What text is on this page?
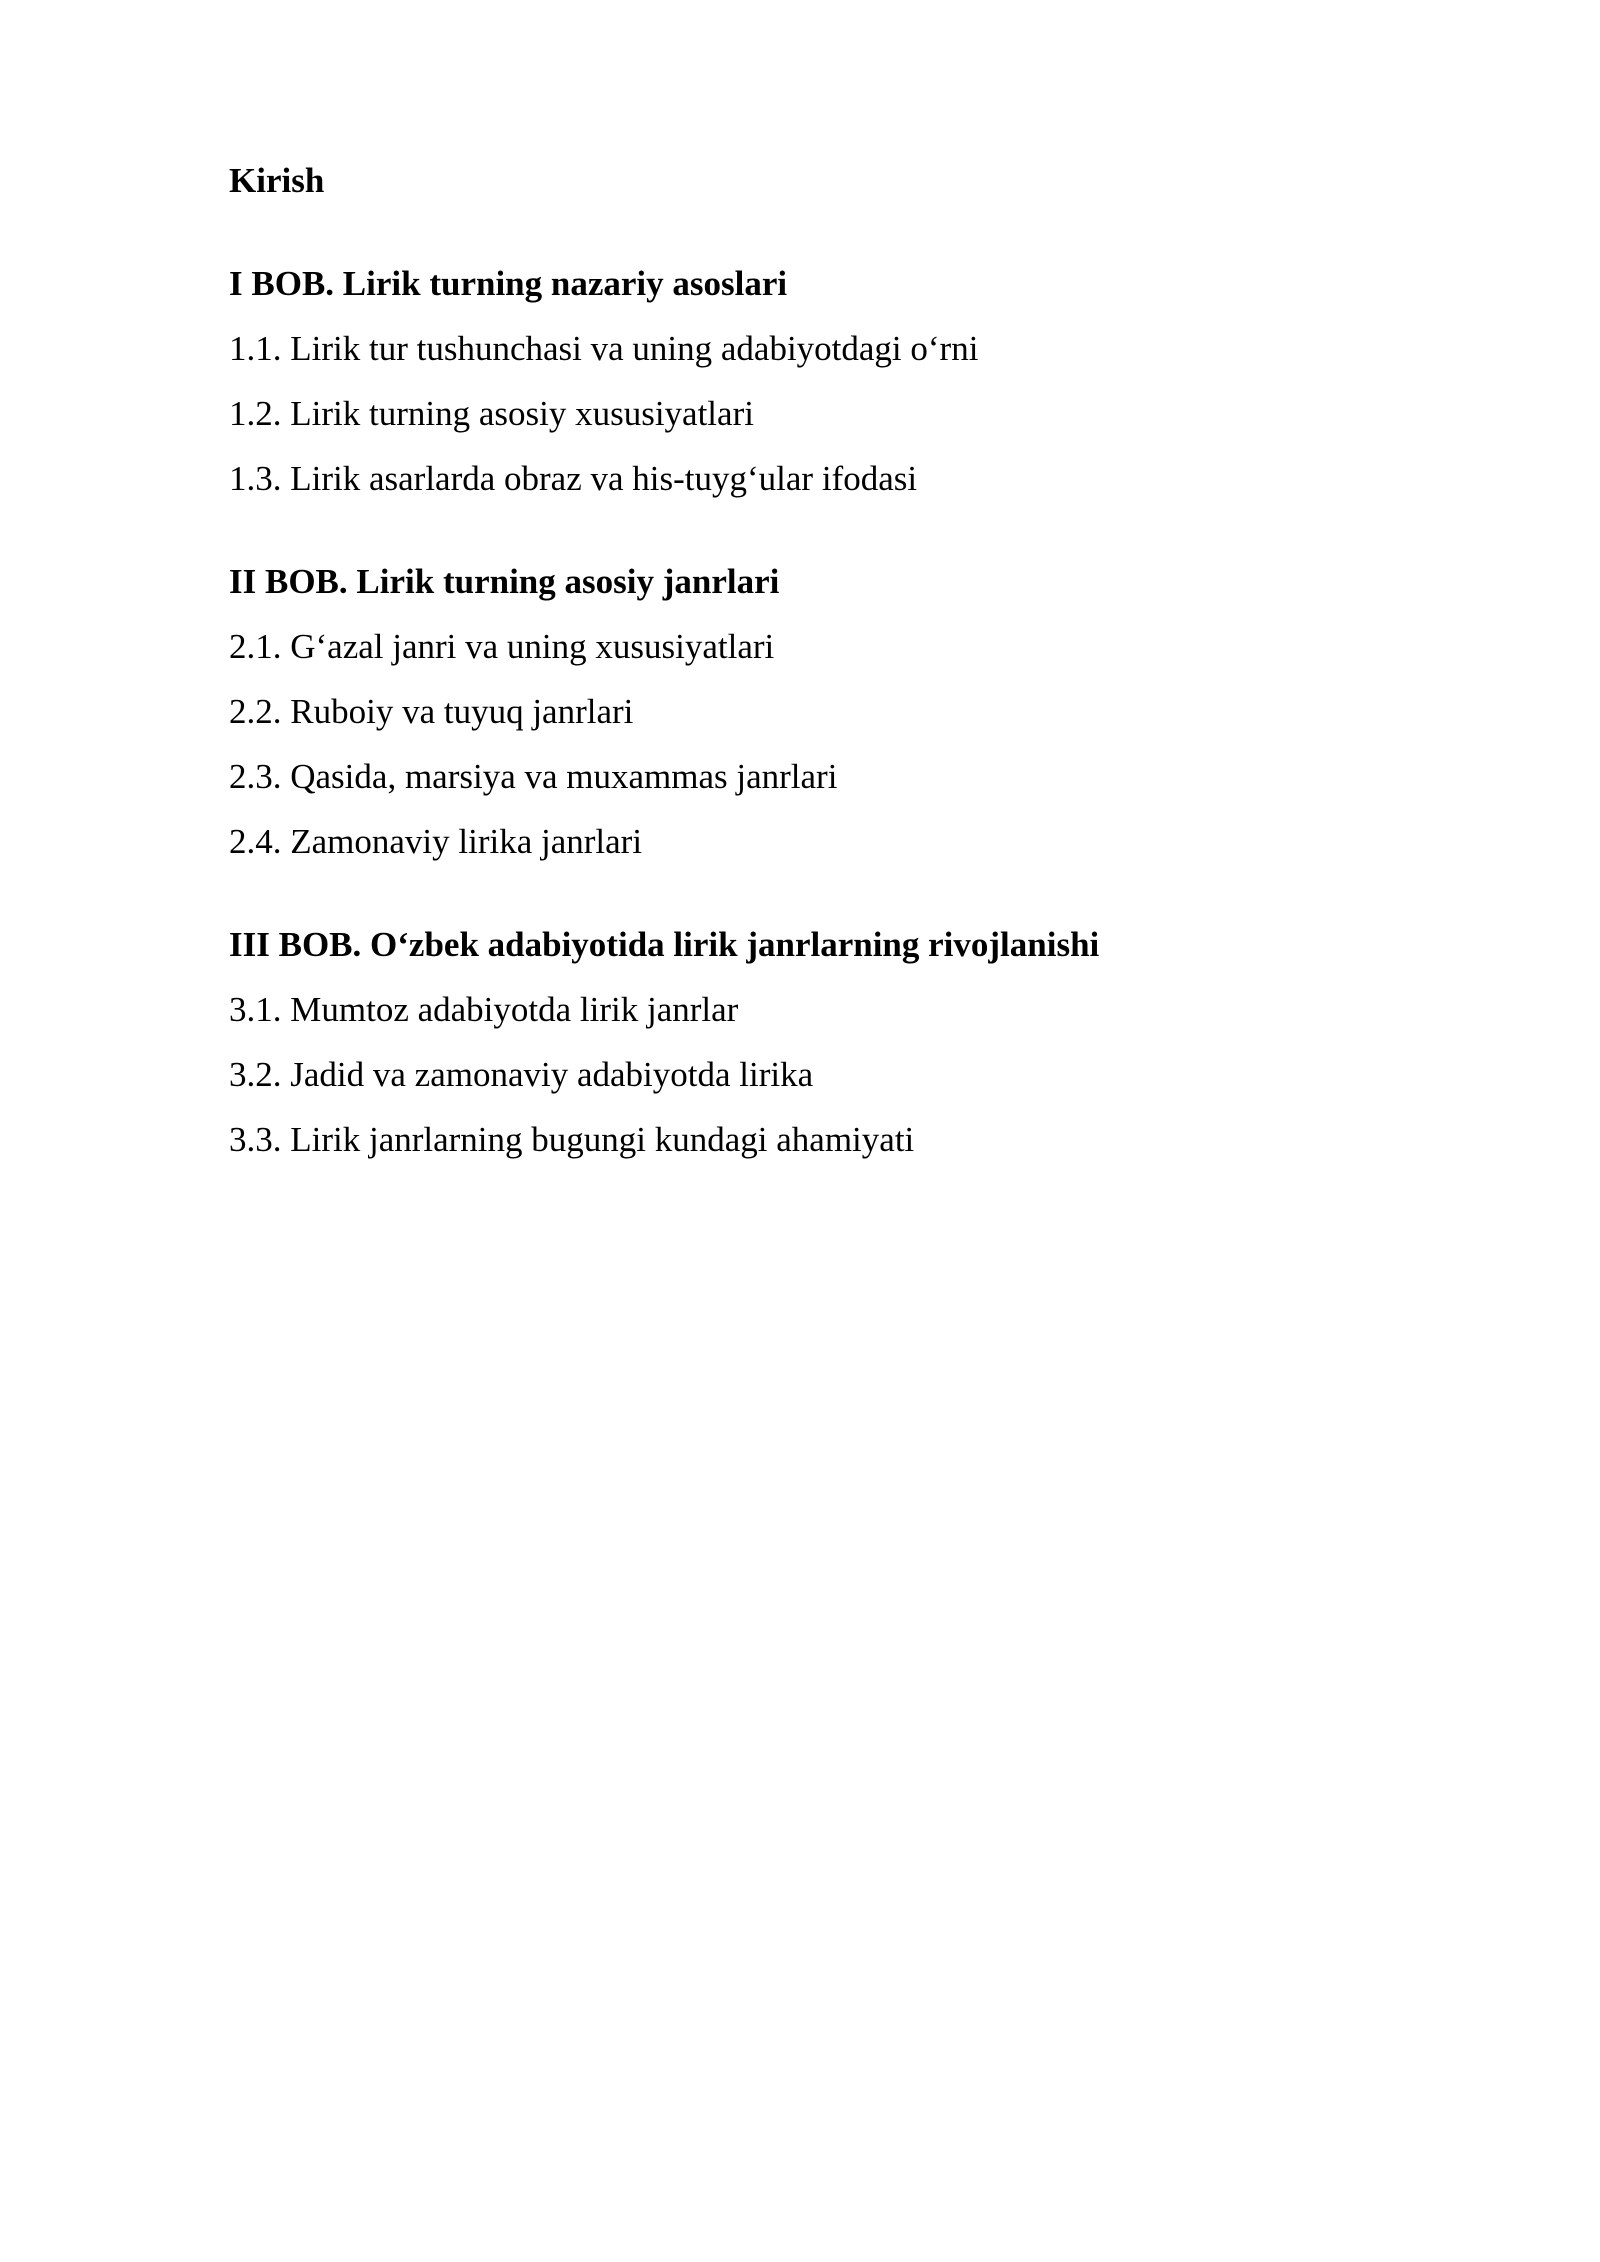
Kirish
I BOB. Lirik turning nazariy asoslari
1.1. Lirik tur tushunchasi va uning adabiyotdagi o‘rni
1.2. Lirik turning asosiy xususiyatlari
1.3. Lirik asarlarda obraz va his-tuyg‘ular ifodasi
II BOB. Lirik turning asosiy janrlari
2.1. G‘azal janri va uning xususiyatlari
2.2. Ruboiy va tuyuq janrlari
2.3. Qasida, marsiya va muxammas janrlari
2.4. Zamonaviy lirika janrlari
III BOB. O‘zbek adabiyotida lirik janrlarning rivojlanishi
3.1. Mumtoz adabiyotda lirik janrlar
3.2. Jadid va zamonaviy adabiyotda lirika
3.3. Lirik janrlarning bugungi kundagi ahamiyati
